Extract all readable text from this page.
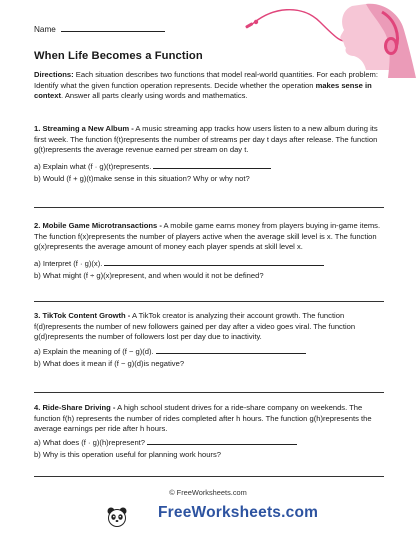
Name
When Life Becomes a Function
Directions: Each situation describes two functions that model real-world quantities. For each problem: Identify what the given function operation represents. Decide whether the operation makes sense in context. Answer all parts clearly using words and mathematics.
1. Streaming a New Album - A music streaming app tracks how users listen to a new album during its first week. The function f(t)represents the number of streams per day t days after release. The function g(t)represents the average revenue earned per stream on day t.
a) Explain what (f · g)(t)represents.
b) Would (f + g)(t)make sense in this situation? Why or why not?
2. Mobile Game Microtransactions - A mobile game earns money from players buying in-game items. The function f(x)represents the number of players active when the average skill level is x. The function g(x)represents the average amount of money each player spends at skill level x.
a) Interpret (f · g)(x).
b) What might (f ÷ g)(x)represent, and when would it not be defined?
3. TikTok Content Growth - A TikTok creator is analyzing their account growth. The function f(d)represents the number of new followers gained per day after a video goes viral. The function g(d)represents the number of followers lost per day due to inactivity.
a) Explain the meaning of (f − g)(d).
b) What does it mean if (f − g)(d)is negative?
4. Ride-Share Driving - A high school student drives for a ride-share company on weekends. The function f(h) represents the number of rides completed after h hours. The function g(h)represents the average earnings per ride after h hours.
a) What does (f · g)(h)represent?
b) Why is this operation useful for planning work hours?
© FreeWorksheets.com
FreeWorksheets.com
